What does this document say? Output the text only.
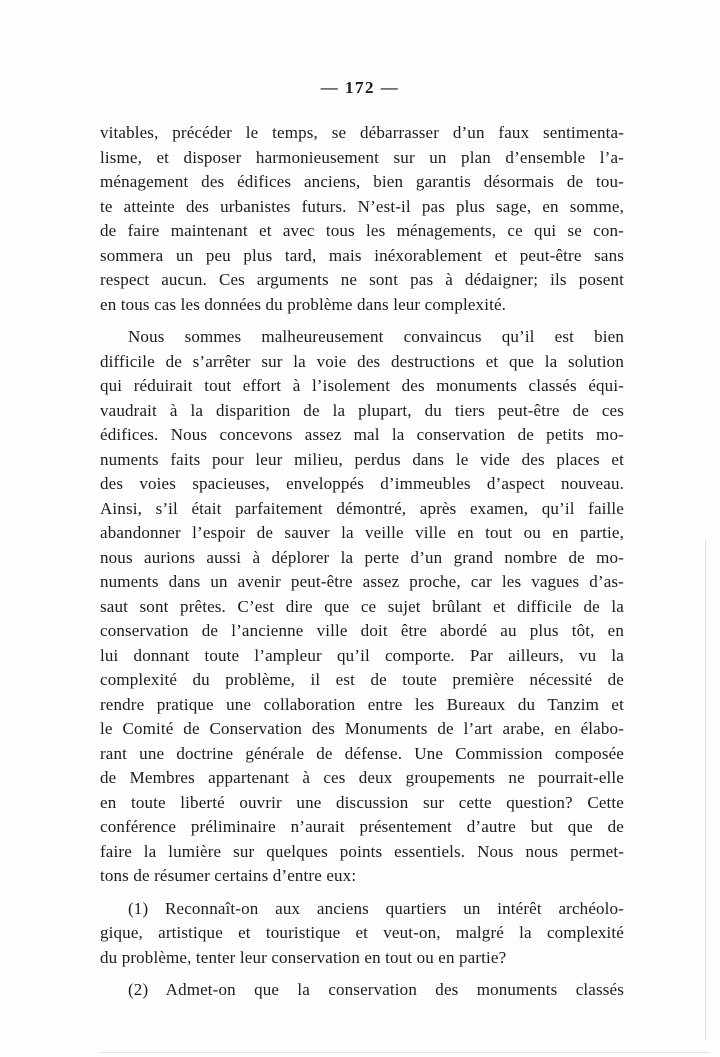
— 172 —
vitables, précéder le temps, se débarrasser d’un faux sentimenta-
lisme, et disposer harmonieusement sur un plan d’ensemble l’a-
ménagement des édifices anciens, bien garantis désormais de tou-
te atteinte des urbanistes futurs. N’est-il pas plus sage, en somme,
de faire maintenant et avec tous les ménagements, ce qui se con-
sommera un peu plus tard, mais inéxorablement et peut-être sans
respect aucun. Ces arguments ne sont pas à dédaigner; ils posent
en tous cas les données du problème dans leur complexité.
Nous sommes malheureusement convaincus qu’il est bien
difficile de s’arrêter sur la voie des destructions et que la solution
qui réduirait tout effort à l’isolement des monuments classés équi-
vaudrait à la disparition de la plupart, du tiers peut-être de ces
édifices. Nous concevons assez mal la conservation de petits mo-
numents faits pour leur milieu, perdus dans le vide des places et
des voies spacieuses, enveloppés d’immeubles d’aspect nouveau.
Ainsi, s’il était parfaitement démontré, après examen, qu’il faille
abandonner l’espoir de sauver la veille ville en tout ou en partie,
nous aurions aussi à déplorer la perte d’un grand nombre de mo-
numents dans un avenir peut-être assez proche, car les vagues d’as-
saut sont prêtes. C’est dire que ce sujet brûlant et difficile de la
conservation de l’ancienne ville doit être abordé au plus tôt, en
lui donnant toute l’ampleur qu’il comporte. Par ailleurs, vu la
complexité du problème, il est de toute première nécessité de
rendre pratique une collaboration entre les Bureaux du Tanzim et
le Comité de Conservation des Monuments de l’art arabe, en élabo-
rant une doctrine générale de défense. Une Commission composée
de Membres appartenant à ces deux groupements ne pourrait-elle
en toute liberté ouvrir une discussion sur cette question? Cette
conférence préliminaire n’aurait présentement d’autre but que de
faire la lumière sur quelques points essentiels. Nous nous permet-
tons de résumer certains d’entre eux:
(1) Reconnaît-on aux anciens quartiers un intérêt archéolo-
gique, artistique et touristique et veut-on, malgré la complexité
du problème, tenter leur conservation en tout ou en partie?
(2) Admet-on que la conservation des monuments classés
